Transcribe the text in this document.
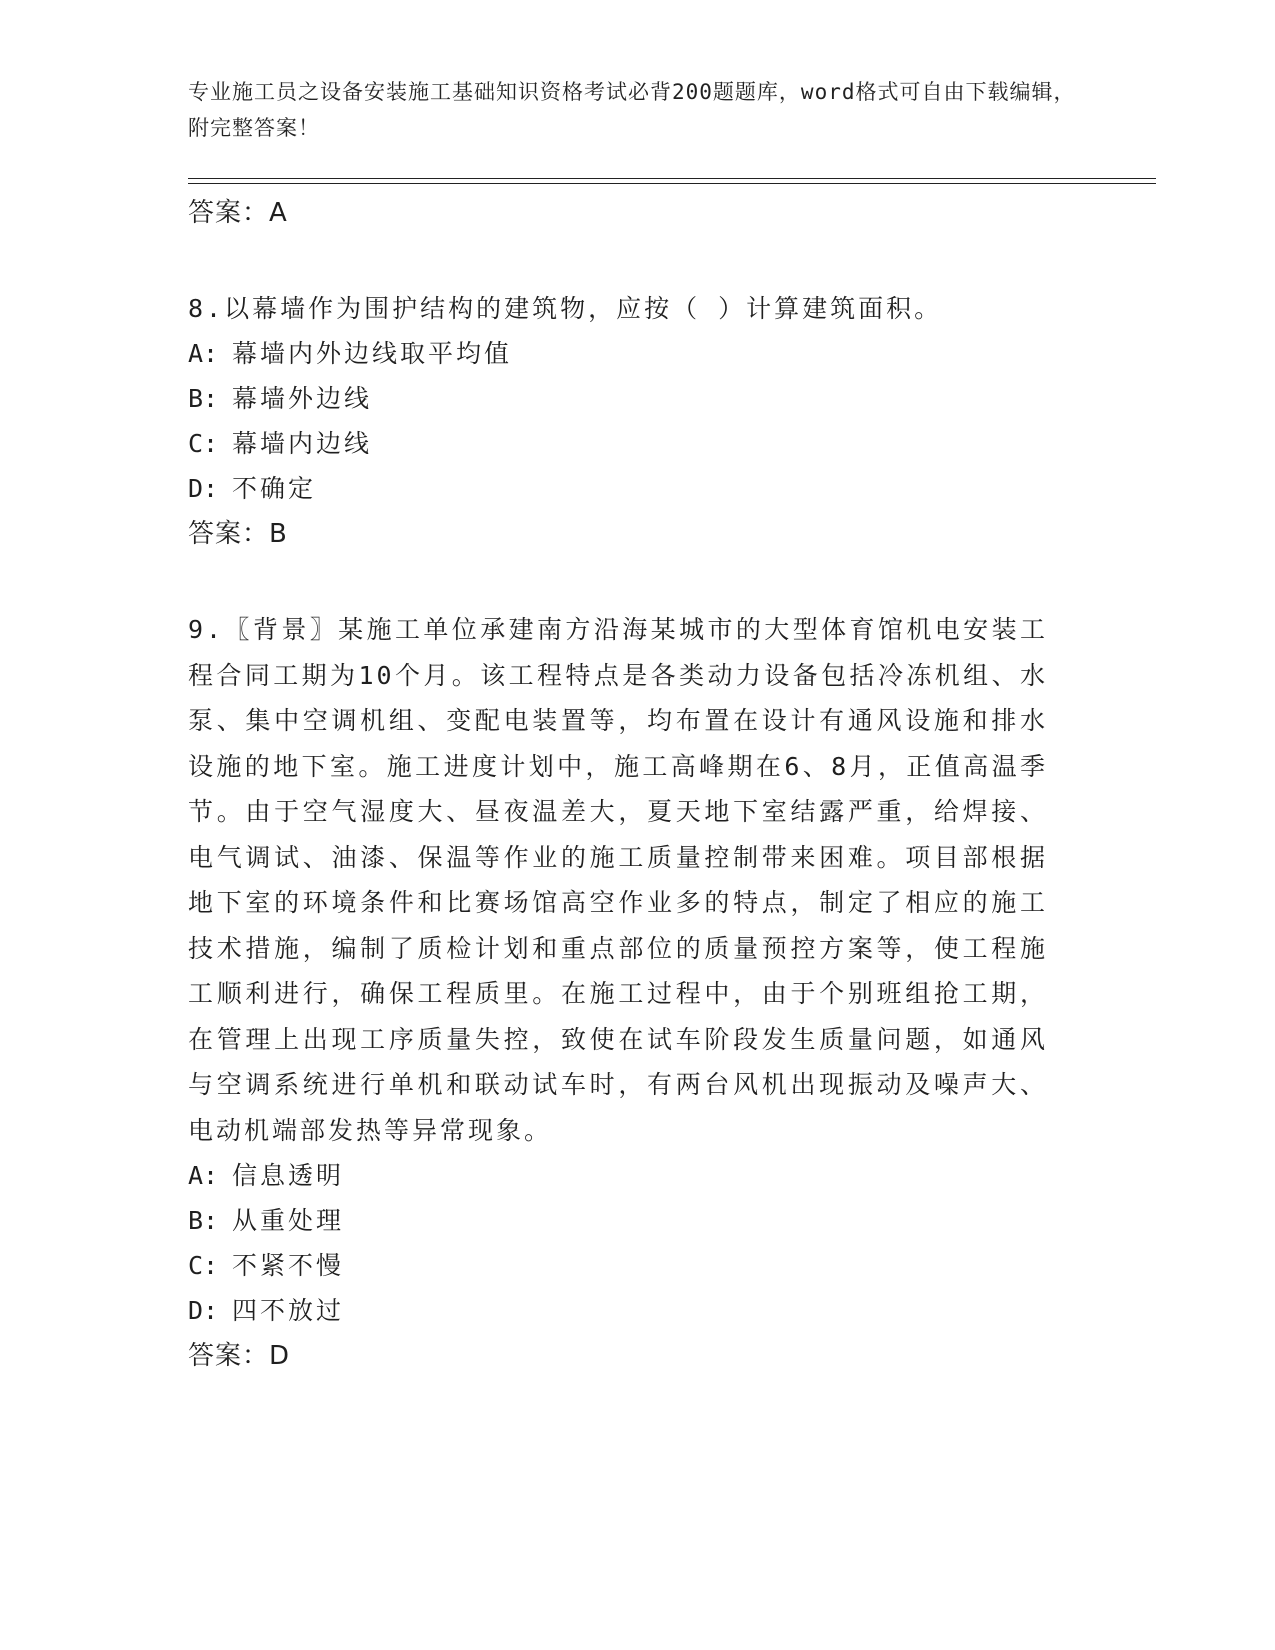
专业施工员之设备安装施工基础知识资格考试必背200题题库，word格式可自由下载编辑，附完整答案！
答案：A
8.以幕墙作为围护结构的建筑物，应按（ ）计算建筑面积。
A: 幕墙内外边线取平均值
B: 幕墙外边线
C: 幕墙内边线
D: 不确定
答案：B
9.〖背景〗某施工单位承建南方沿海某城市的大型体育馆机电安装工程合同工期为10个月。该工程特点是各类动力设备包括冷冻机组、水泵、集中空调机组、变配电装置等，均布置在设计有通风设施和排水设施的地下室。施工进度计划中，施工高峰期在6、8月，正值高温季节。由于空气湿度大、昼夜温差大，夏天地下室结露严重，给焊接、电气调试、油漆、保温等作业的施工质量控制带来困难。项目部根据地下室的环境条件和比赛场馆高空作业多的特点，制定了相应的施工技术措施，编制了质检计划和重点部位的质量预控方案等，使工程施工顺利进行，确保工程质里。在施工过程中，由于个别班组抢工期，在管理上出现工序质量失控，致使在试车阶段发生质量问题，如通风与空调系统进行单机和联动试车时，有两台风机出现振动及噪声大、电动机端部发热等异常现象。
A: 信息透明
B: 从重处理
C: 不紧不慢
D: 四不放过
答案：D
